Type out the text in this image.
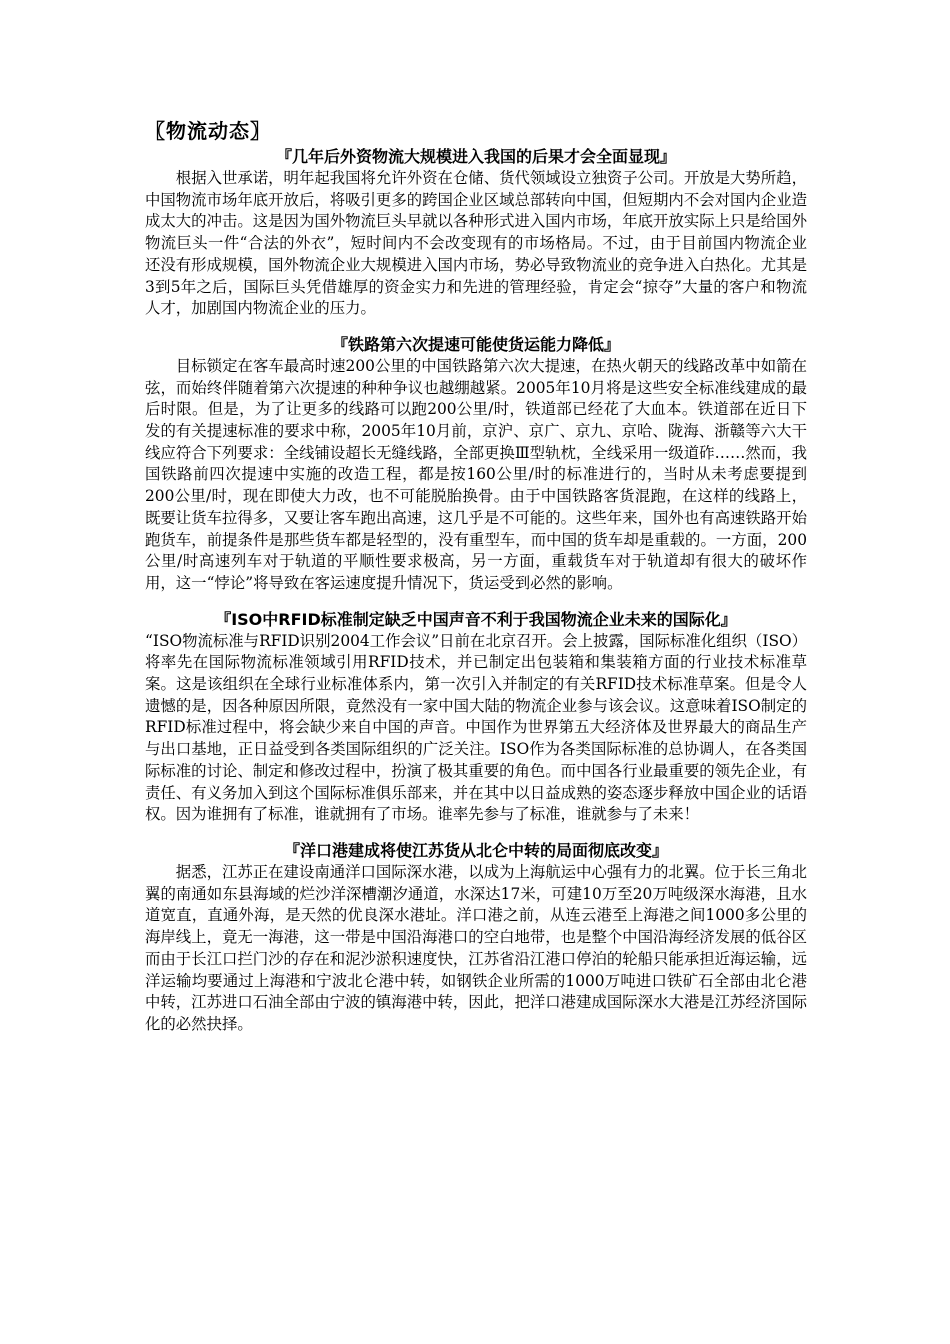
〖物流动态〗
『几年后外资物流大规模进入我国的后果才会全面显现』

根据入世承诺，明年起我国将允许外资在仓储、货代领域设立独资子公司。开放是大势所趋，中国物流市场年底开放后，将吸引更多的跨国企业区域总部转向中国，但短期内不会对国内企业造成太大的冲击。这是因为国外物流巨头早就以各种形式进入国内市场，年底开放实际上只是给国外物流巨头一件“合法的外衣”，短时间内不会改变现有的市场格局。不过，由于目前国内物流企业还没有形成规模，国外物流企业大规模进入国内市场，势必导致物流业的竞争进入白热化。尤其是3到5年之后，国际巨头凭借雄厚的资金实力和先进的管理经验，肯定会“掠夺”大量的客户和物流人才，加剧国内物流企业的压力。

『铁路第六次提速可能使货运能力降低』

目标锁定在客车最高时速200公里的中国铁路第六次大提速，在热火朝天的线路改革中如箭在弦，而始终伴随着第六次提速的种种争议也越绷越紧。2005年10月将是这些安全标准线建成的最后时限。但是，为了让更多的线路可以跑200公里/时，铁道部已经花了大血本。铁道部在近日下发的有关提速标准的要求中称，2005年10月前，京沪、京广、京九、京哈、陇海、浙赣等六大干线应符合下列要求：全线铺设超长无缝线路，全部更换Ⅲ型轨枕，全线采用一级道砟……然而，我国铁路前四次提速中实施的改造工程，都是按160公里/时的标准进行的，当时从未考虑要提到200公里/时，现在即使大力改，也不可能脱胎换骨。由于中国铁路客货混跑，在这样的线路上，既要让货车拉得多，又要让客车跑出高速，这几乎是不可能的。这些年来，国外也有高速铁路开始跑货车，前提条件是那些货车都是轻型的，没有重型车，而中国的货车却是重载的。一方面，200公里/时高速列车对于轨道的平顺性要求极高，另一方面，重载货车对于轨道却有很大的破坏作用，这一“悖论”将导致在客运速度提升情况下，货运受到必然的影响。

『ISO中RFID标准制定缺乏中国声音不利于我国物流企业未来的国际化』

“ISO物流标准与RFID识别2004工作会议”日前在北京召开。会上披露，国际标准化组织（ISO）将率先在国际物流标准领域引用RFID技术，并已制定出包装箱和集装箱方面的行业技术标准草案。这是该组织在全球行业标准体系内，第一次引入并制定的有关RFID技术标准草案。但是令人遗憾的是，因各种原因所限，竟然没有一家中国大陆的物流企业参与该会议。这意味着ISO制定的RFID标准过程中，将会缺少来自中国的声音。中国作为世界第五大经济体及世界最大的商品生产与出口基地，正日益受到各类国际组织的广泛关注。ISO作为各类国际标准的总协调人，在各类国际标准的讨论、制定和修改过程中，扮演了极其重要的角色。而中国各行业最重要的领先企业，有责任、有义务加入到这个国际标准俱乐部来，并在其中以日益成熟的姿态逐步释放中国企业的话语权。因为谁拥有了标准，谁就拥有了市场。谁率先参与了标准，谁就参与了未来！

『洋口港建成将使江苏货从北仑中转的局面彻底改变』

据悉，江苏正在建设南通洋口国际深水港，以成为上海航运中心强有力的北翼。位于长三角北翼的南通如东县海域的烂沙洋深槽潮汐通道，水深达17米，可建10万至20万吨级深水海港，且水道宽直，直通外海，是天然的优良深水港址。洋口港之前，从连云港至上海港之间1000多公里的海岸线上，竟无一海港，这一带是中国沿海港口的空白地带，也是整个中国沿海经济发展的低谷区而由于长江口拦门沙的存在和泥沙淤积速度快，江苏省沿江港口停泊的轮船只能承担近海运输，远洋运输均要通过上海港和宁波北仑港中转，如钢铁企业所需的1000万吨进口铁矿石全部由北仑港中转，江苏进口石油全部由宁波的镇海港中转，因此，把洋口港建成国际深水大港是江苏经济国际化的必然抉择。
